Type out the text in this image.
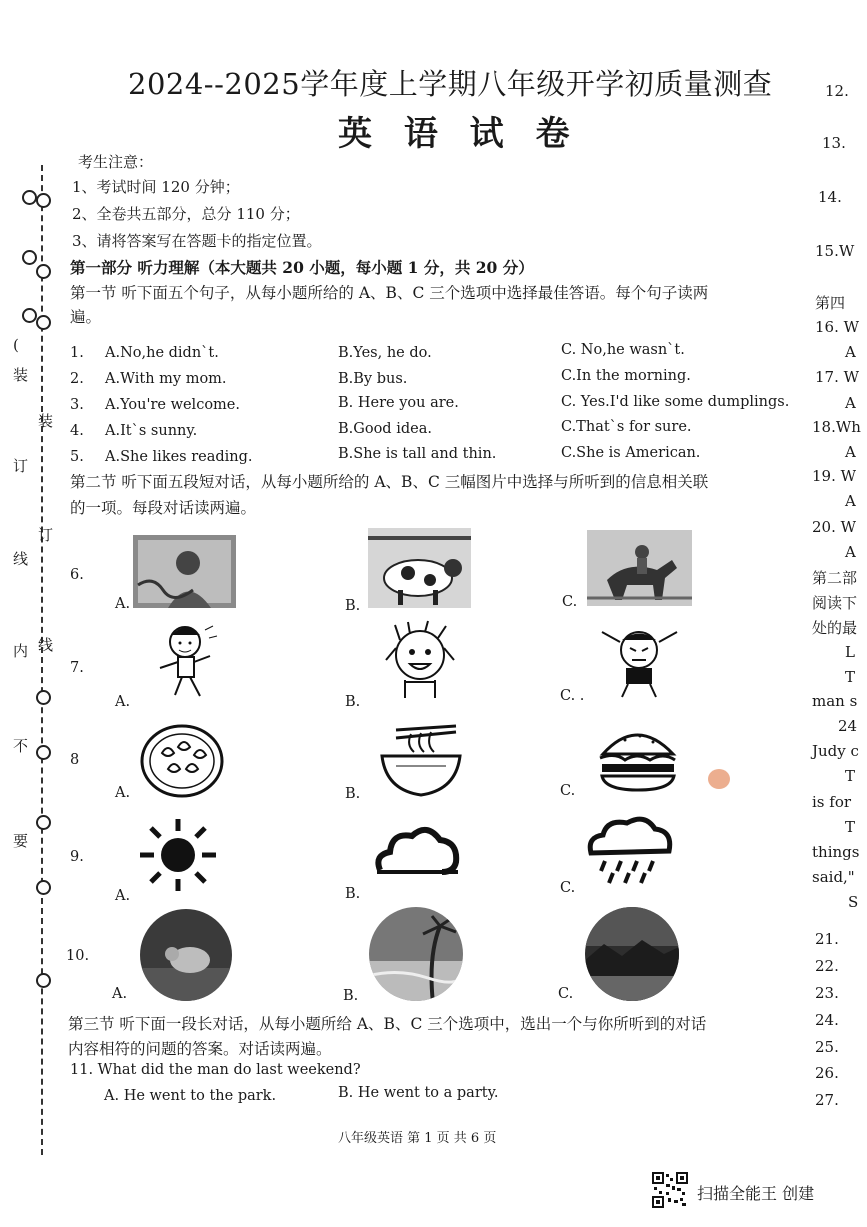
2024--2025学年度上学期八年级开学初质量测查
英 语 试 卷
考生注意：
1、考试时间 120 分钟；
2、全卷共五部分，总分 110 分；
3、请将答案写在答题卡的指定位置。
第一部分 听力理解（本大题共 20 小题，每小题 1 分，共 20 分）
第一节 听下面五个句子，从每小题所给的 A、B、C 三个选项中选择最佳答语。每个句子读两
遍。
1. A.No,he didn`t.	B.Yes, he do.	C. No,he wasn`t.
2. A.With my mom.	B.By bus.	C.In the morning.
3. A.You're welcome.	B. Here you are.	C. Yes.I'd like some dumplings.
4. A.It`s sunny.	B.Good idea.	C.That`s for sure.
5. A.She likes reading.	B.She is tall and thin.	C.She is American.
第二节 听下面五段短对话，从每小题所给的 A、B、C 三幅图片中选择与所听到的信息相关联
的一项。每段对话读两遍。
6.
A.	B.	C.
7.
A.	B.	C. .
8
A.	B.	C.
9.
A.	B.	C.
10.
A.	B.	C.
第三节 听下面一段长对话，从每小题所给 A、B、C 三个选项中，选出一个与你所听到的对话
内容相符的问题的答案。对话读两遍。
11. What did the man do last weekend?
A. He went to the park.	B. He went to a party.
(
装
装
订
订
线
线
内
不
要
12.
13.
14.
15.W
第四
16. W
A
17. W
A
18.Wh
A
19. W
A
20. W
A
第二部
阅读下
处的最
L
T
man s
24
Judy c
T
is for
T
things
said,"
S
21.
22.
23.
24.
25.
26.
27.
八年级英语 第 1 页 共 6 页
扫描全能王 创建
